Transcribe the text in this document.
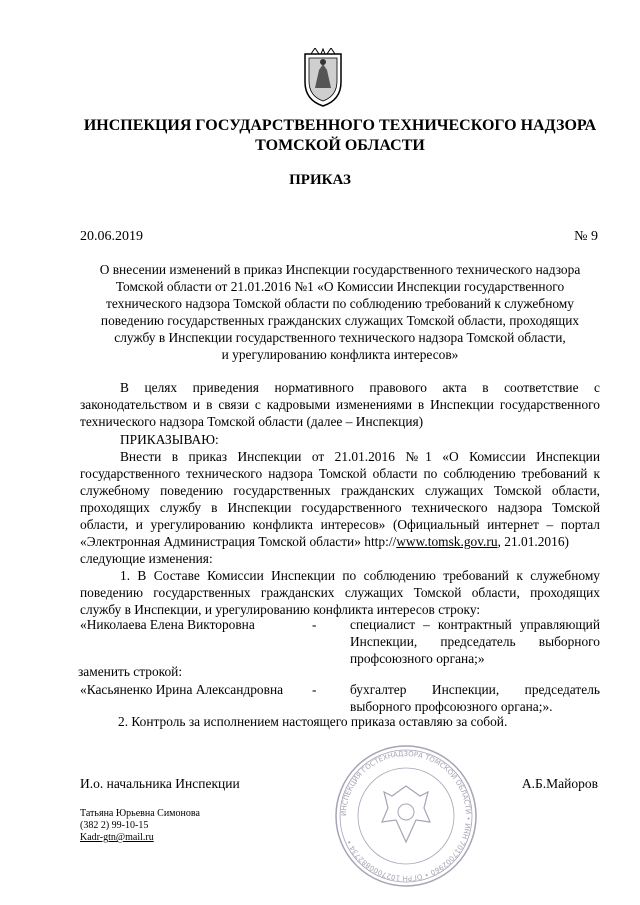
ИНСПЕКЦИЯ ГОСУДАРСТВЕННОГО ТЕХНИЧЕСКОГО НАДЗОРА
ТОМСКОЙ ОБЛАСТИ
ПРИКАЗ
20.06.2019	№ 9
О внесении изменений в приказ Инспекции государственного технического надзора
Томской области от 21.01.2016 №1 «О Комиссии Инспекции государственного
технического надзора Томской области по соблюдению требований к служебному
поведению государственных гражданских служащих Томской области, проходящих
службу в Инспекции государственного технического надзора Томской области,
и урегулированию конфликта интересов»
В целях приведения нормативного правового акта в соответствие с законодательством и в связи с кадровыми изменениями в Инспекции государственного технического надзора Томской области (далее – Инспекция)
ПРИКАЗЫВАЮ:
Внести в приказ Инспекции от 21.01.2016 №1 «О Комиссии Инспекции государственного технического надзора Томской области по соблюдению требований к служебному поведению государственных гражданских служащих Томской области, проходящих службу в Инспекции государственного технического надзора Томской области, и урегулированию конфликта интересов» (Официальный интернет – портал «Электронная Администрация Томской области» http://www.tomsk.gov.ru, 21.01.2016)
следующие изменения:
1. В Составе Комиссии Инспекции по соблюдению требований к служебному поведению государственных гражданских служащих Томской области, проходящих службу в Инспекции, и урегулированию конфликта интересов строку:
«Николаева Елена Викторовна	-	специалист – контрактный управляющий Инспекции, председатель выборного профсоюзного органа;»
заменить строкой:
«Касьяненко Ирина Александровна	-	бухгалтер Инспекции, председатель выборного профсоюзного органа;».
2. Контроль за исполнением настоящего приказа оставляю за собой.
ИНСПЕКЦИЯ ГОСТЕХНАДЗОРА ТОМСКОЙ ОБЛАСТИ • ИНН 7017002960 • ОГРН 1027000882734 •
И.о. начальника Инспекции	А.Б.Майоров
Татьяна Юрьевна Симонова
(382 2) 99-10-15
Kadr-gtn@mail.ru
